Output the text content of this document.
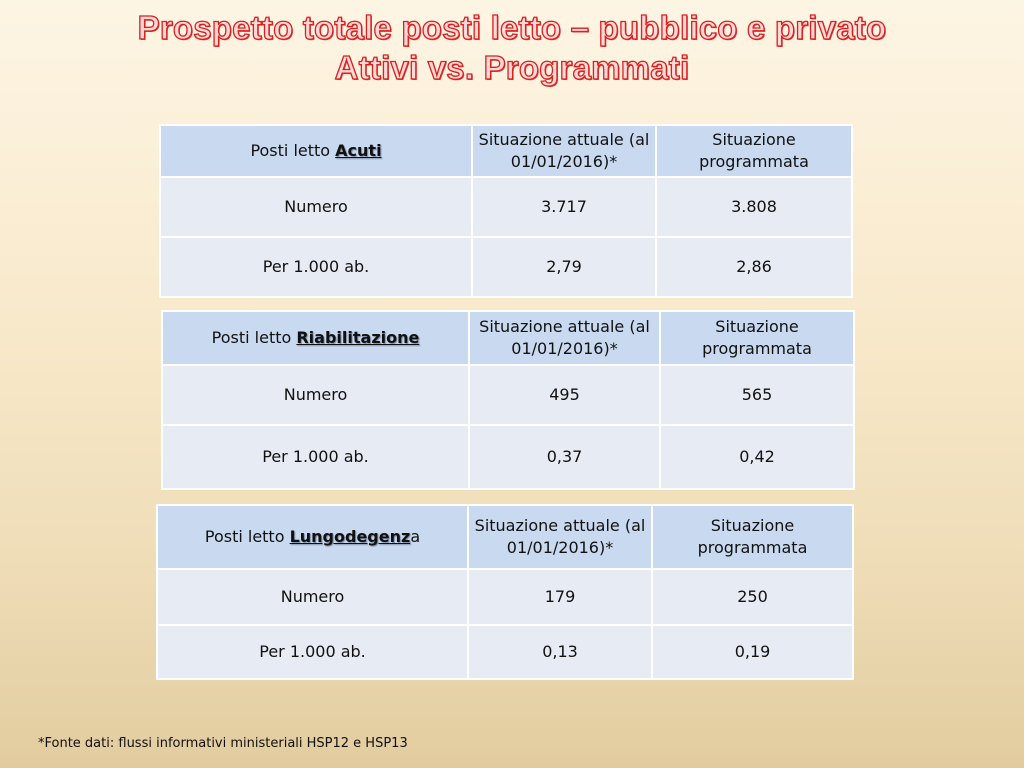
Prospetto totale posti letto – pubblico e privato
Attivi vs. Programmati
Posti letto Acuti	Situazione attuale (al 01/01/2016)*	Situazione programmata
Numero	3.717	3.808
Per 1.000 ab.	2,79	2,86
Posti letto Riabilitazione	Situazione attuale (al 01/01/2016)*	Situazione programmata
Numero	495	565
Per 1.000 ab.	0,37	0,42
Posti letto Lungodegenza	Situazione attuale (al 01/01/2016)*	Situazione programmata
Numero	179	250
Per 1.000 ab.	0,13	0,19

*Fonte dati: flussi informativi ministeriali HSP12 e HSP13
